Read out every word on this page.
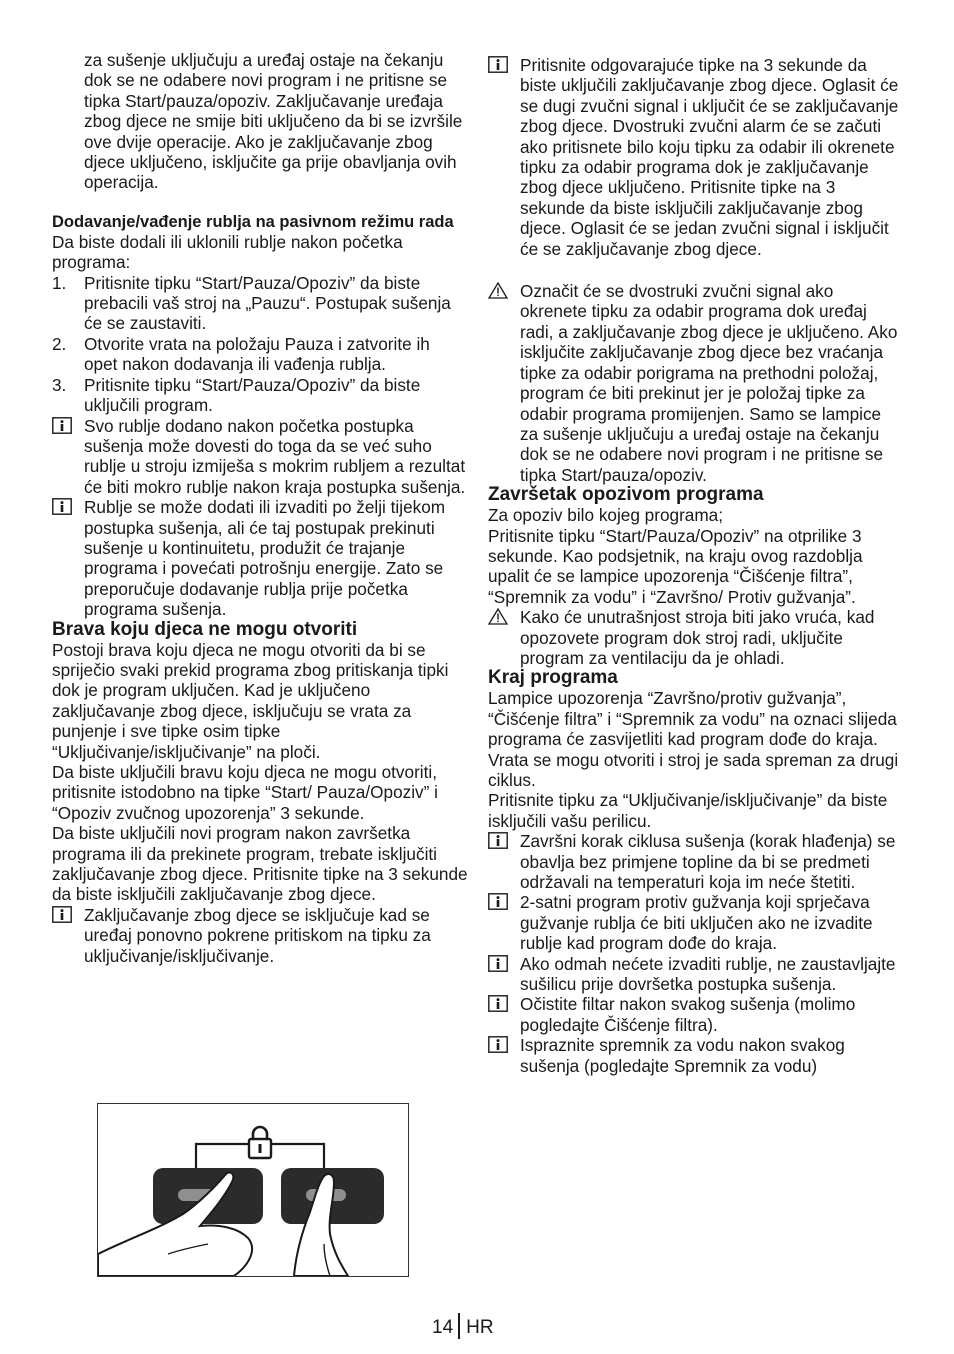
za sušenje uključuju a uređaj ostaje na čekanju dok se ne odabere novi program i ne pritisne se tipka Start/pauza/opoziv. Zaključavanje uređaja zbog djece ne smije biti uključeno da bi se izvršile ove dvije operacije. Ako je zaključavanje zbog djece uključeno, isključite ga prije obavljanja ovih operacija.

Dodavanje/vađenje rublja na pasivnom režimu rada

Da biste dodali ili uklonili rublje nakon početka programa:

1. Pritisnite tipku “Start/Pauza/Opoziv” da biste prebacili vaš stroj na „Pauzu“. Postupak sušenja će se zaustaviti.
2. Otvorite vrata na položaju Pauza i zatvorite ih opet nakon dodavanja ili vađenja rublja.
3. Pritisnite tipku “Start/Pauza/Opoziv” da biste uključili program.
Svo rublje dodano nakon početka postupka sušenja može dovesti do toga da se već suho rublje u stroju izmiješa s mokrim rubljem a rezultat će biti mokro rublje nakon kraja postupka sušenja.
Rublje se može dodati ili izvaditi po želji tijekom postupka sušenja, ali će taj postupak prekinuti sušenje u kontinuitetu, produžit će trajanje programa i povećati potrošnju energije. Zato se preporučuje dodavanje rublja prije početka programa sušenja.
Brava koju djeca ne mogu otvoriti

Postoji brava koju djeca ne mogu otvoriti da bi se spriječio svaki prekid programa zbog pritiskanja tipki dok je program uključen. Kad je uključeno zaključavanje zbog djece, isključuju se vrata za punjenje i sve tipke osim tipke “Uključivanje/isključivanje” na ploči.

Da biste uključili bravu koju djeca ne mogu otvoriti, pritisnite istodobno na tipke “Start/ Pauza/Opoziv” i “Opoziv zvučnog upozorenja” 3 sekunde.

Da biste uključili novi program nakon završetka programa ili da prekinete program, trebate isključiti zaključavanje zbog djece. Pritisnite tipke na 3 sekunde da biste isključili zaključavanje zbog djece.

Zaključavanje zbog djece se isključuje kad se uređaj ponovno pokrene pritiskom na tipku za uključivanje/isključivanje.
Pritisnite odgovarajuće tipke na 3 sekunde da biste uključili zaključavanje zbog djece. Oglasit će se dugi zvučni signal i uključit će se zaključavanje zbog djece. Dvostruki zvučni alarm će se začuti ako pritisnete bilo koju tipku za odabir ili okrenete tipku za odabir programa dok je zaključavanje zbog djece uključeno. Pritisnite tipke na 3 sekunde da biste isključili zaključavanje zbog djece. Oglasit će se jedan zvučni signal i isključit će se zaključavanje zbog djece.
Označit će se dvostruki zvučni signal ako okrenete tipku za odabir programa dok uređaj radi, a zaključavanje zbog djece je uključeno. Ako isključite zaključavanje zbog djece bez vraćanja tipke za odabir porigrama na prethodni položaj, program će biti prekinut jer je položaj tipke za odabir programa promijenjen. Samo se lampice za sušenje uključuju a uređaj ostaje na čekanju dok se ne odabere novi program i ne pritisne se tipka Start/pauza/opoziv.
Završetak opozivom programa

Za opoziv bilo kojeg programa;

Pritisnite tipku “Start/Pauza/Opoziv” na otprilike 3 sekunde. Kao podsjetnik, na kraju ovog razdoblja upalit će se lampice upozorenja “Čišćenje filtra”, “Spremnik za vodu” i “Završno/ Protiv gužvanja”.

Kako će unutrašnjost stroja biti jako vruća, kad opozovete program dok stroj radi, uključite program za ventilaciju da je ohladi.
Kraj programa

Lampice upozorenja “Završno/protiv gužvanja”, “Čišćenje filtra” i “Spremnik za vodu” na oznaci slijeda programa će zasvijetliti kad program dođe do kraja. Vrata se mogu otvoriti i stroj je sada spreman za drugi ciklus.

Pritisnite tipku za “Uključivanje/isključivanje” da biste isključili vašu perilicu.

Završni korak ciklusa sušenja (korak hlađenja) se obavlja bez primjene topline da bi se predmeti održavali na temperaturi koja im neće štetiti.
2-satni program protiv gužvanja koji sprječava gužvanje rublja će biti uključen ako ne izvadite rublje kad program dođe do kraja.
Ako odmah nećete izvaditi rublje, ne zaustavljajte sušilicu prije dovršetka postupka sušenja.
Očistite filtar nakon svakog sušenja (molimo pogledajte Čišćenje filtra).
Ispraznite spremnik za vodu nakon svakog sušenja (pogledajte Spremnik za vodu)
14 HR
